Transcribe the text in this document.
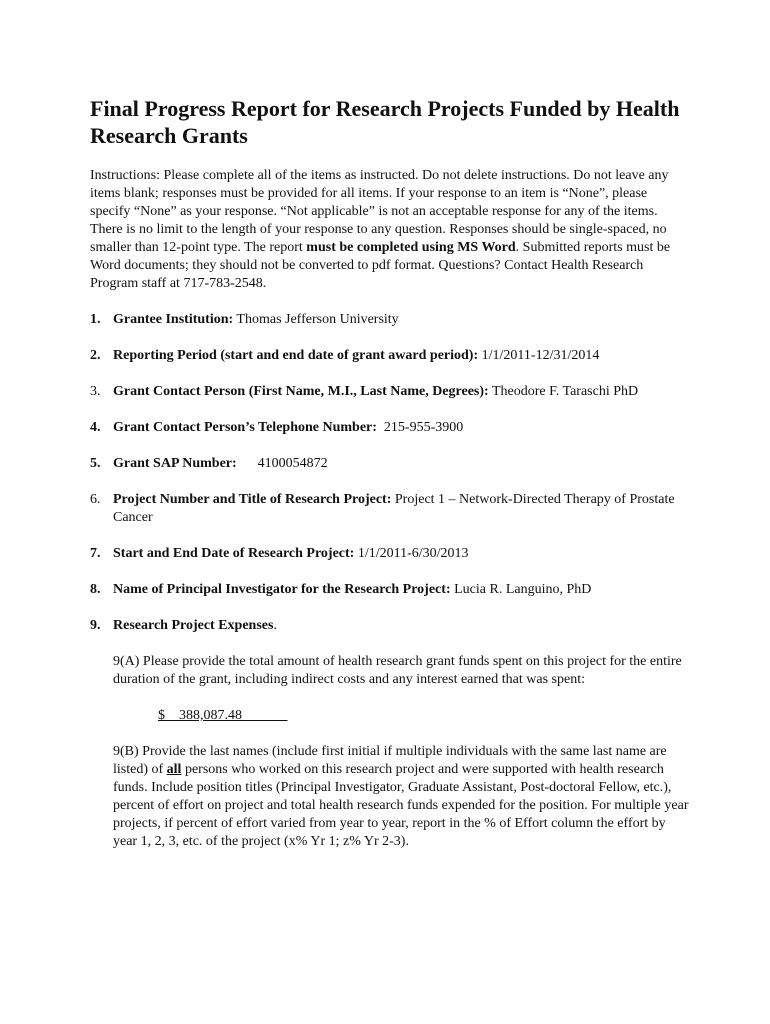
Final Progress Report for Research Projects Funded by Health Research Grants

Instructions: Please complete all of the items as instructed. Do not delete instructions. Do not leave any items blank; responses must be provided for all items. If your response to an item is “None”, please specify “None” as your response. “Not applicable” is not an acceptable response for any of the items. There is no limit to the length of your response to any question. Responses should be single-spaced, no smaller than 12-point type. The report must be completed using MS Word. Submitted reports must be Word documents; they should not be converted to pdf format. Questions? Contact Health Research Program staff at 717-783-2548.

1. Grantee Institution: Thomas Jefferson University
2. Reporting Period (start and end date of grant award period): 1/1/2011-12/31/2014
3. Grant Contact Person (First Name, M.I., Last Name, Degrees): Theodore F. Taraschi PhD
4. Grant Contact Person’s Telephone Number:  215-955-3900
5. Grant SAP Number:      4100054872
6. Project Number and Title of Research Project: Project 1 – Network-Directed Therapy of Prostate Cancer
7. Start and End Date of Research Project: 1/1/2011-6/30/2013
8. Name of Principal Investigator for the Research Project: Lucia R. Languino, PhD
9. Research Project Expenses.

9(A) Please provide the total amount of health research grant funds spent on this project for the entire duration of the grant, including indirect costs and any interest earned that was spent:

$    388,087.48

9(B) Provide the last names (include first initial if multiple individuals with the same last name are listed) of all persons who worked on this research project and were supported with health research funds. Include position titles (Principal Investigator, Graduate Assistant, Post-doctoral Fellow, etc.), percent of effort on project and total health research funds expended for the position. For multiple year projects, if percent of effort varied from year to year, report in the % of Effort column the effort by year 1, 2, 3, etc. of the project (x% Yr 1; z% Yr 2-3).
